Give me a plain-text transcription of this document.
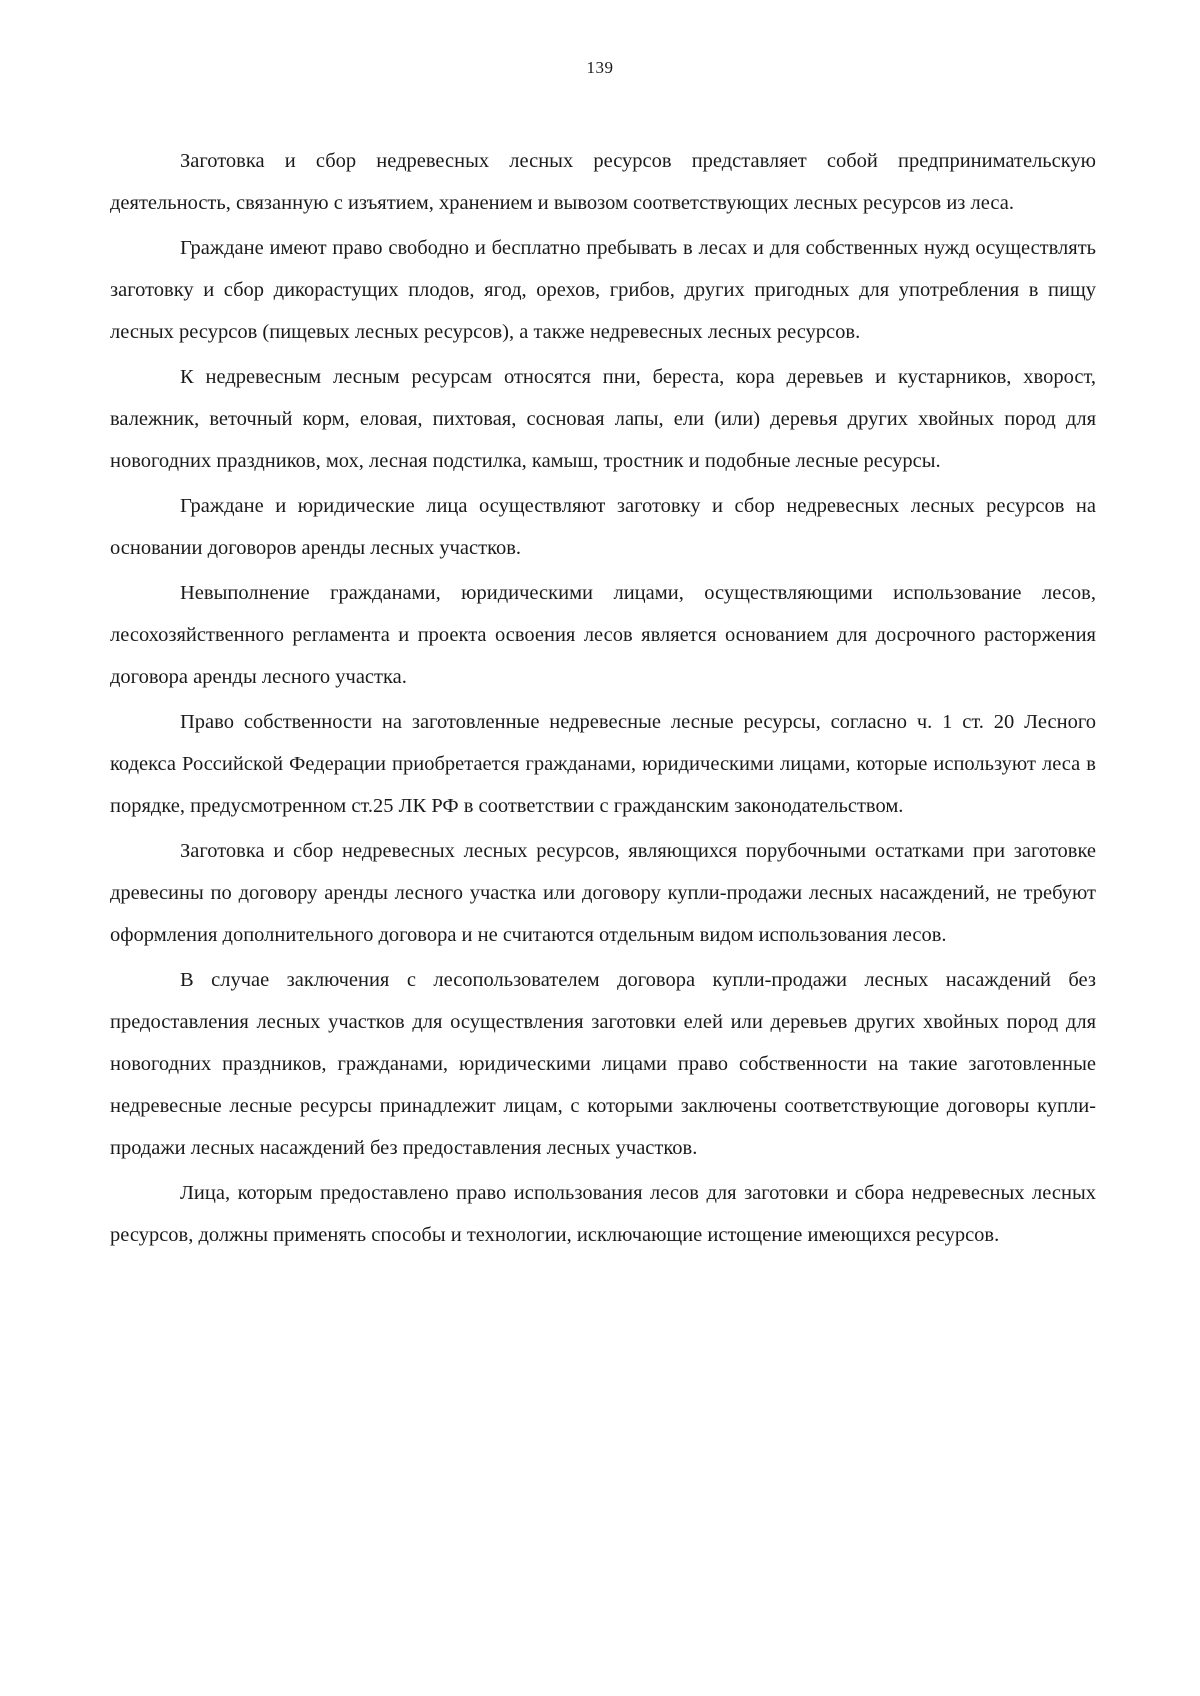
139

Заготовка и сбор недревесных лесных ресурсов представляет собой предпринимательскую деятельность, связанную с изъятием, хранением и вывозом соответствующих лесных ресурсов из леса.

Граждане имеют право свободно и бесплатно пребывать в лесах и для собственных нужд осуществлять заготовку и сбор дикорастущих плодов, ягод, орехов, грибов, других пригодных для употребления в пищу лесных ресурсов (пищевых лесных ресурсов), а также недревесных лесных ресурсов.

К недревесным лесным ресурсам относятся пни, береста, кора деревьев и кустарников, хворост, валежник, веточный корм, еловая, пихтовая, сосновая лапы, ели (или) деревья других хвойных пород для новогодних праздников, мох, лесная подстилка, камыш, тростник и подобные лесные ресурсы.

Граждане и юридические лица осуществляют заготовку и сбор недревесных лесных ресурсов на основании договоров аренды лесных участков.

Невыполнение гражданами, юридическими лицами, осуществляющими использование лесов, лесохозяйственного регламента и проекта освоения лесов является основанием для досрочного расторжения договора аренды лесного участка.

Право собственности на заготовленные недревесные лесные ресурсы, согласно ч. 1 ст. 20 Лесного кодекса Российской Федерации приобретается гражданами, юридическими лицами, которые используют леса в порядке, предусмотренном ст.25 ЛК РФ в соответствии с гражданским законодательством.

Заготовка и сбор недревесных лесных ресурсов, являющихся порубочными остатками при заготовке древесины по договору аренды лесного участка или договору купли-продажи лесных насаждений, не требуют оформления дополнительного договора и не считаются отдельным видом использования лесов.

В случае заключения с лесопользователем договора купли-продажи лесных насаждений без предоставления лесных участков для осуществления заготовки елей или деревьев других хвойных пород для новогодних праздников, гражданами, юридическими лицами право собственности на такие заготовленные недревесные лесные ресурсы принадлежит лицам, с которыми заключены соответствующие договоры купли-продажи лесных насаждений без предоставления лесных участков.

Лица, которым предоставлено право использования лесов для заготовки и сбора недревесных лесных ресурсов, должны применять способы и технологии, исключающие истощение имеющихся ресурсов.
